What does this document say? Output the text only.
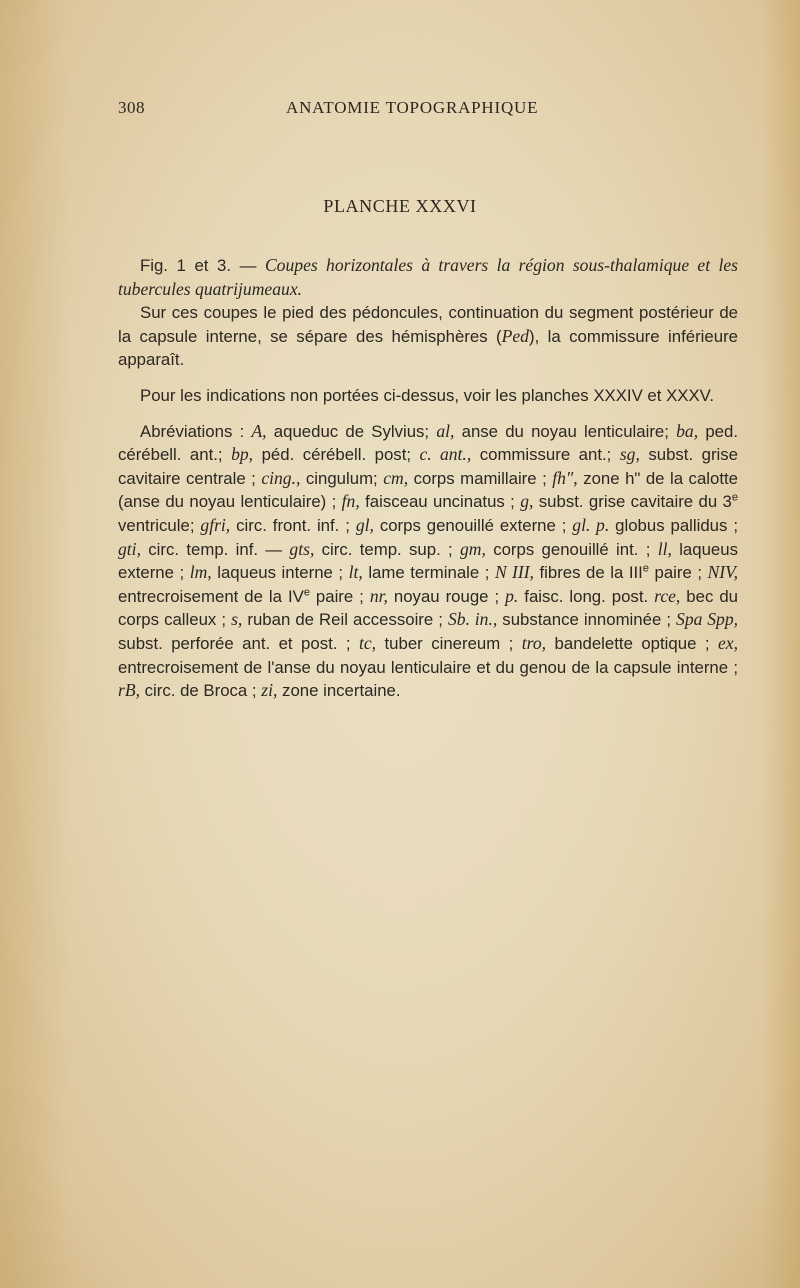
308	ANATOMIE TOPOGRAPHIQUE
PLANCHE XXXVI

Fig. 1 et 3. — Coupes horizontales à travers la région sous-thalamique et les tubercules quatrijumeaux.

Sur ces coupes le pied des pédoncules, continuation du segment postérieur de la capsule interne, se sépare des hémisphères (Ped), la commissure inférieure apparaît.

Pour les indications non portées ci-dessus, voir les planches XXXIV et XXXV.

Abréviations : A, aqueduc de Sylvius; al, anse du noyau lenticulaire; ba, ped. cérébell. ant.; bp, péd. cérébell. post; c. ant., commissure ant.; sg, subst. grise cavitaire centrale ; cing., cingulum; cm, corps mamillaire ; fh", zone h" de la calotte (anse du noyau lenticulaire) ; fn, faisceau uncinatus ; g, subst. grise cavitaire du 3e ventricule; gfri, circ. front. inf. ; gl, corps genouillé externe ; gl. p. globus pallidus ; gti, circ. temp. inf. — gts, circ. temp. sup. ; gm, corps genouillé int. ; ll, laqueus externe ; lm, laqueus interne ; lt, lame terminale ; N III, fibres de la IIIe paire ; NIV, entrecroisement de la IVe paire ; nr, noyau rouge ; p. faisc. long. post. rce, bec du corps calleux ; s, ruban de Reil accessoire ; Sb. in., substance innominée ; Spa Spp, subst. perforée ant. et post. ; tc, tuber cinereum ; tro, bandelette optique ; ex, entrecroisement de l'anse du noyau lenticulaire et du genou de la capsule interne ; rB, circ. de Broca ; zi, zone incertaine.
